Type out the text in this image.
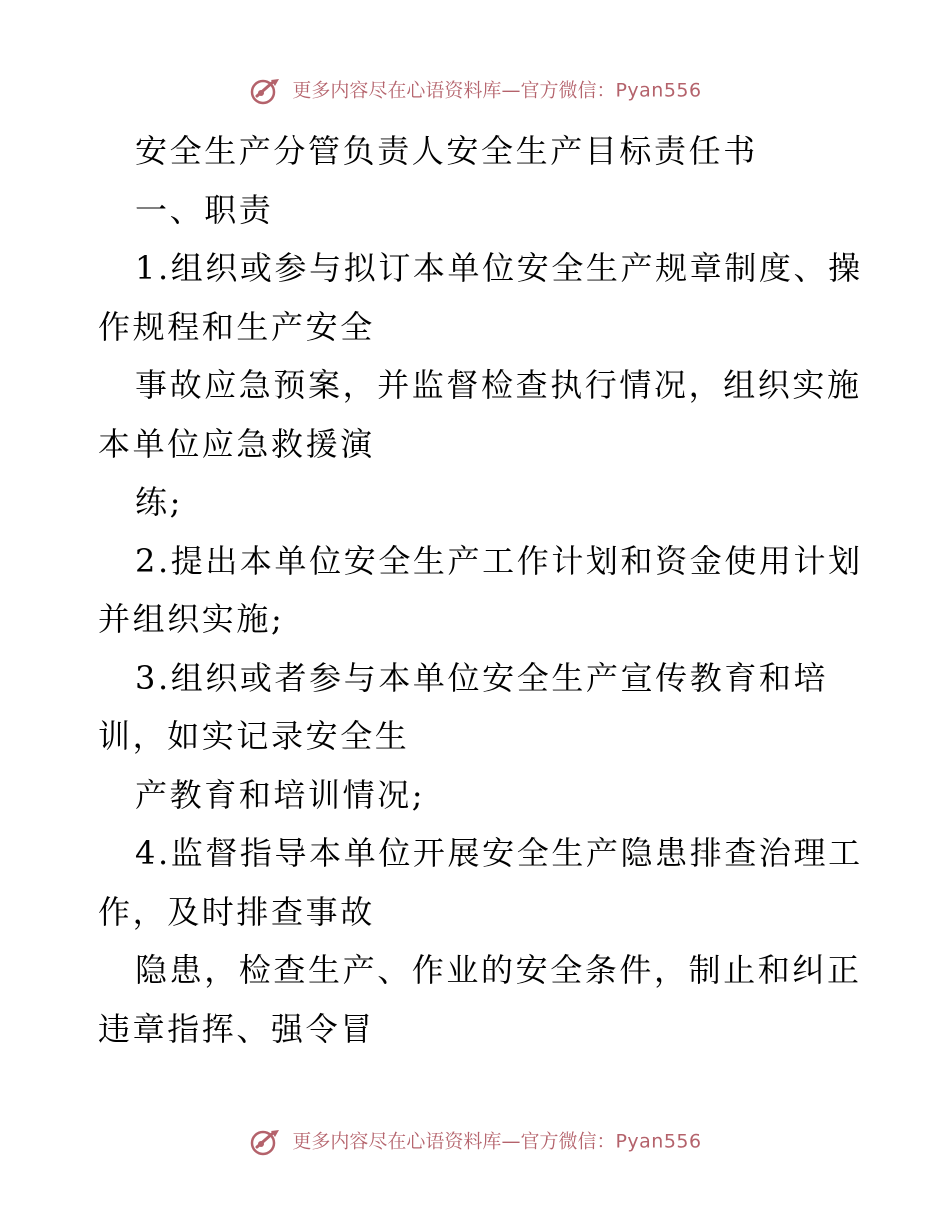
更多内容尽在心语资料库—官方微信：Pyan556
安全生产分管负责人安全生产目标责任书
一、职责
1.组织或参与拟订本单位安全生产规章制度、操
作规程和生产安全
事故应急预案，并监督检查执行情况，组织实施
本单位应急救援演
练;
2.提出本单位安全生产工作计划和资金使用计划
并组织实施;
3.组织或者参与本单位安全生产宣传教育和培
训，如实记录安全生
产教育和培训情况;
4.监督指导本单位开展安全生产隐患排查治理工
作，及时排查事故
隐患，检查生产、作业的安全条件，制止和纠正
违章指挥、强令冒
更多内容尽在心语资料库—官方微信：Pyan556
